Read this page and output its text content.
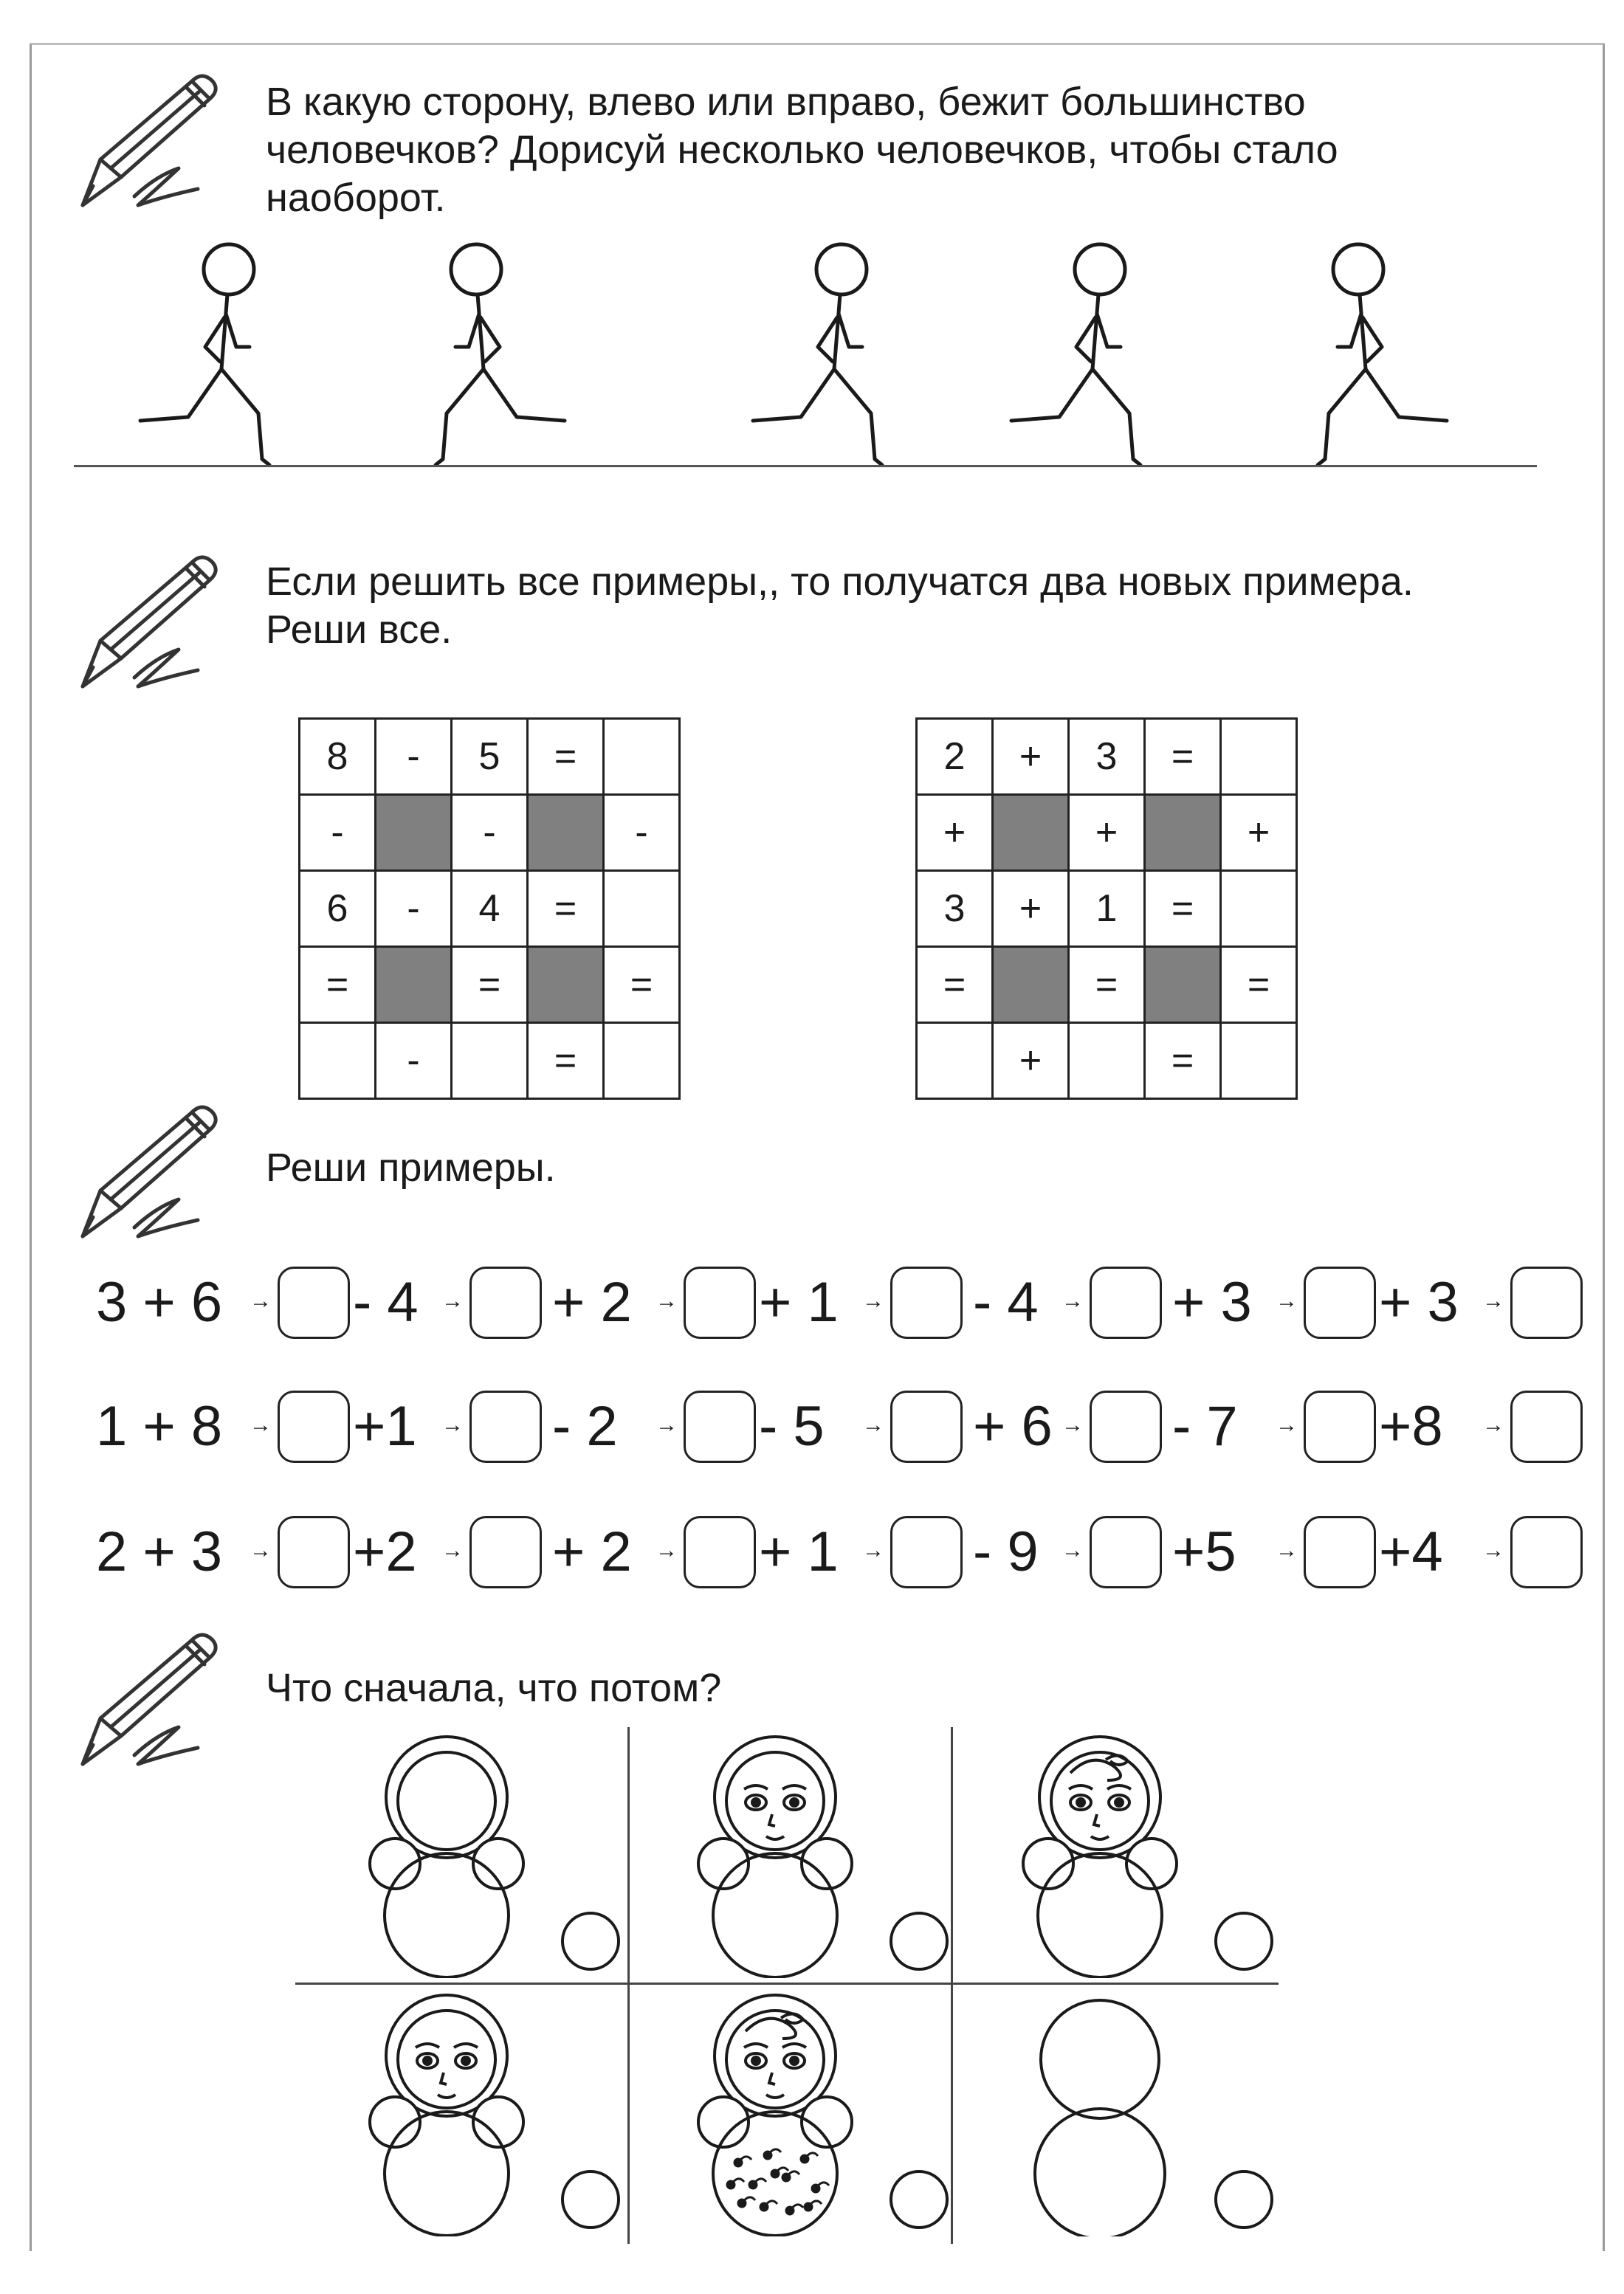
В какую сторону, влево или вправо, бежит большинство
человечков? Дорисуй несколько человечков, чтобы стало
наоборот.
Если решить все примеры,, то получатся два новых примера.
Реши все.
8	-	5	=	
-		-		-
6	-	4	=	
=		=		=
	-		=	
2	+	3	=	
+		+		+
3	+	1	=	
=		=		=
	+		=	
Реши примеры.
3 + 6 → - 4 → + 2 → + 1 → - 4 → + 3 → + 3 →
1 + 8 → +1 → - 2 → - 5 → + 6 → - 7 → +8 →
2 + 3 → +2 → + 2 → + 1 → - 9 → +5 → +4 →
Что сначала, что потом?
